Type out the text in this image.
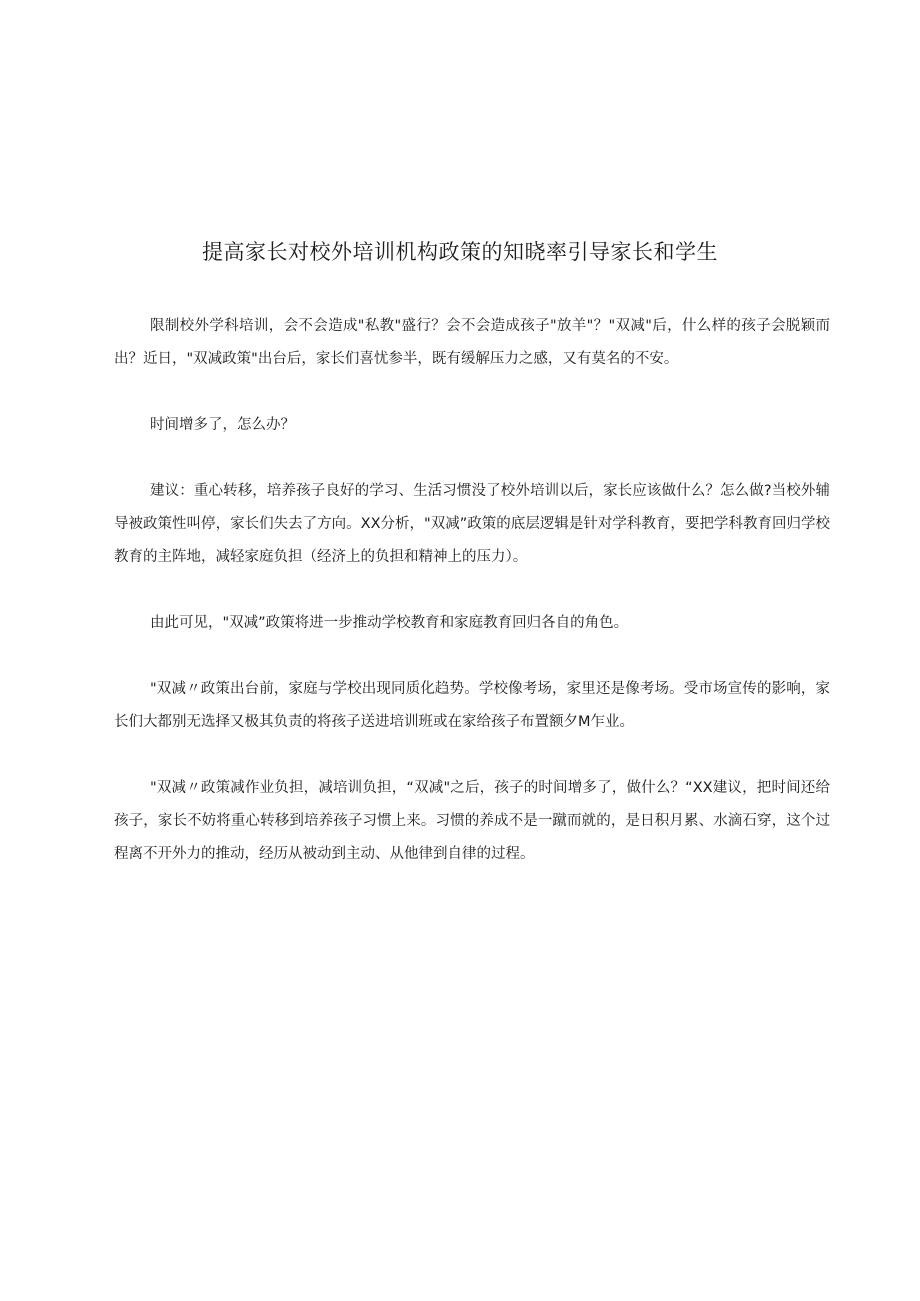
提高家长对校外培训机构政策的知晓率引导家长和学生

限制校外学科培训，会不会造成"私教"盛行？会不会造成孩子"放羊"？"双减"后，什么样的孩子会脱颖而出？近日，"双减政策"出台后，家长们喜忧参半，既有缓解压力之感，又有莫名的不安。

时间增多了，怎么办？

建议：重心转移，培养孩子良好的学习、生活习惯没了校外培训以后，家长应该做什么？怎么做?当校外辅导被政策性叫停，家长们失去了方向。XX分析，"双减”政策的底层逻辑是针对学科教育，要把学科教育回归学校教育的主阵地，减轻家庭负担（经济上的负担和精神上的压力）。

由此可见，"双减”政策将进一步推动学校教育和家庭教育回归各自的角色。

"双减〃政策出台前，家庭与学校出现同质化趋势。学校像考场，家里还是像考场。受市场宣传的影响，家长们大都别无选择又极其负责的将孩子送进培训班或在家给孩子布置额夕M乍业。

"双减〃政策减作业负担，减培训负担，“双减"之后，孩子的时间增多了，做什么？“XX建议，把时间还给孩子，家长不妨将重心转移到培养孩子习惯上来。习惯的养成不是一蹴而就的，是日积月累、水滴石穿，这个过程离不开外力的推动，经历从被动到主动、从他律到自律的过程。
